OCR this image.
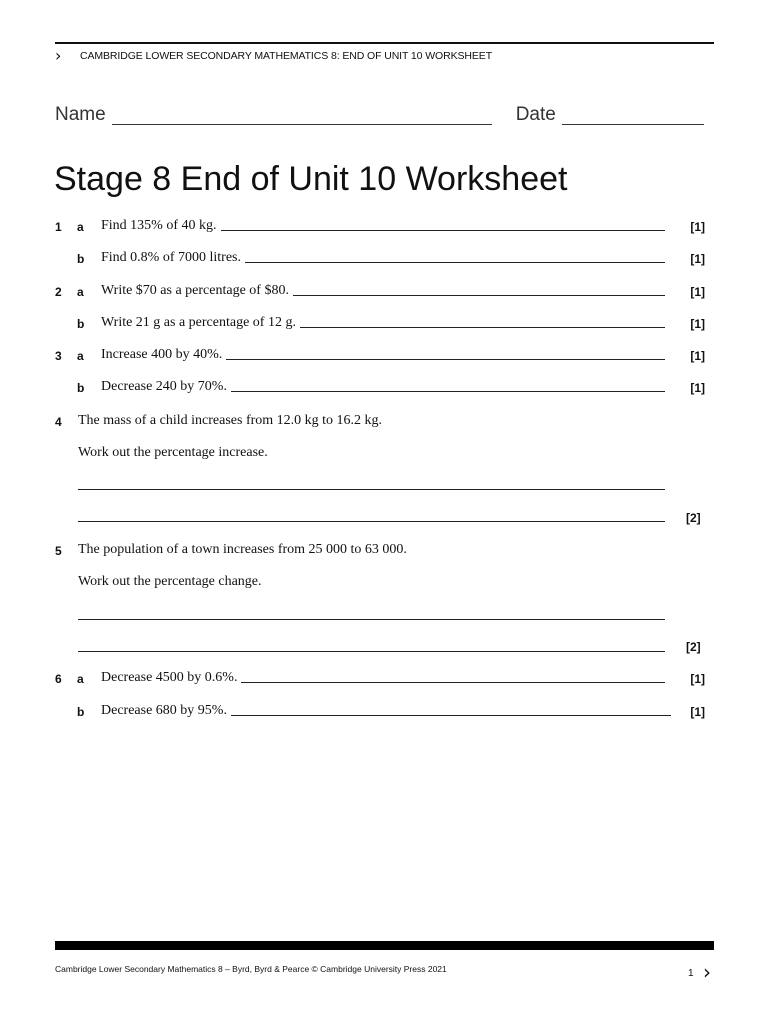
› CAMBRIDGE LOWER SECONDARY MATHEMATICS 8: END OF UNIT 10 WORKSHEET
Name	Date
Stage 8 End of Unit 10 Worksheet
1	a	Find 135% of 40 kg.	[1]
b	Find 0.8% of 7000 litres.	[1]
2	a	Write $70 as a percentage of $80.	[1]
b	Write 21 g as a percentage of 12 g.	[1]
3	a	Increase 400 by 40%.	[1]
b	Decrease 240 by 70%.	[1]
4	The mass of a child increases from 12.0 kg to 16.2 kg.
Work out the percentage increase.
[2]
5	The population of a town increases from 25 000 to 63 000.
Work out the percentage change.
[2]
6	a	Decrease 4500 by 0.6%.	[1]
b	Decrease 680 by 95%.	[1]
Cambridge Lower Secondary Mathematics 8 – Byrd, Byrd & Pearce © Cambridge University Press 2021	1 ›
